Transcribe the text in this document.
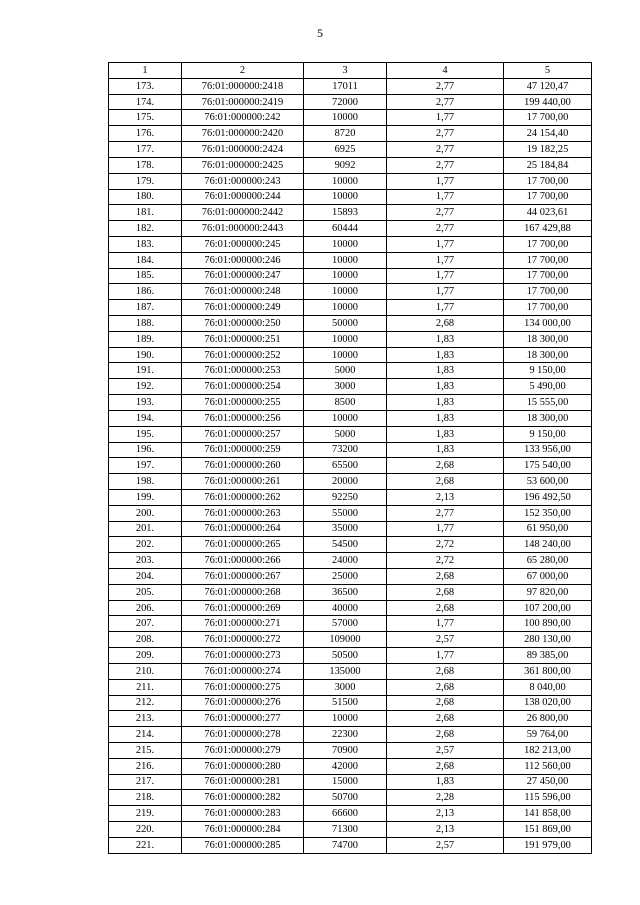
5
1	2	3	4	5
173.	76:01:000000:2418	17011	2,77	47 120,47
174.	76:01:000000:2419	72000	2,77	199 440,00
175.	76:01:000000:242	10000	1,77	17 700,00
176.	76:01:000000:2420	8720	2,77	24 154,40
177.	76:01:000000:2424	6925	2,77	19 182,25
178.	76:01:000000:2425	9092	2,77	25 184,84
179.	76:01:000000:243	10000	1,77	17 700,00
180.	76:01:000000:244	10000	1,77	17 700,00
181.	76:01:000000:2442	15893	2,77	44 023,61
182.	76:01:000000:2443	60444	2,77	167 429,88
183.	76:01:000000:245	10000	1,77	17 700,00
184.	76:01:000000:246	10000	1,77	17 700,00
185.	76:01:000000:247	10000	1,77	17 700,00
186.	76:01:000000:248	10000	1,77	17 700,00
187.	76:01:000000:249	10000	1,77	17 700,00
188.	76:01:000000:250	50000	2,68	134 000,00
189.	76:01:000000:251	10000	1,83	18 300,00
190.	76:01:000000:252	10000	1,83	18 300,00
191.	76:01:000000:253	5000	1,83	9 150,00
192.	76:01:000000:254	3000	1,83	5 490,00
193.	76:01:000000:255	8500	1,83	15 555,00
194.	76:01:000000:256	10000	1,83	18 300,00
195.	76:01:000000:257	5000	1,83	9 150,00
196.	76:01:000000:259	73200	1,83	133 956,00
197.	76:01:000000:260	65500	2,68	175 540,00
198.	76:01:000000:261	20000	2,68	53 600,00
199.	76:01:000000:262	92250	2,13	196 492,50
200.	76:01:000000:263	55000	2,77	152 350,00
201.	76:01:000000:264	35000	1,77	61 950,00
202.	76:01:000000:265	54500	2,72	148 240,00
203.	76:01:000000:266	24000	2,72	65 280,00
204.	76:01:000000:267	25000	2,68	67 000,00
205.	76:01:000000:268	36500	2,68	97 820,00
206.	76:01:000000:269	40000	2,68	107 200,00
207.	76:01:000000:271	57000	1,77	100 890,00
208.	76:01:000000:272	109000	2,57	280 130,00
209.	76:01:000000:273	50500	1,77	89 385,00
210.	76:01:000000:274	135000	2,68	361 800,00
211.	76:01:000000:275	3000	2,68	8 040,00
212.	76:01:000000:276	51500	2,68	138 020,00
213.	76:01:000000:277	10000	2,68	26 800,00
214.	76:01:000000:278	22300	2,68	59 764,00
215.	76:01:000000:279	70900	2,57	182 213,00
216.	76:01:000000:280	42000	2,68	112 560,00
217.	76:01:000000:281	15000	1,83	27 450,00
218.	76:01:000000:282	50700	2,28	115 596,00
219.	76:01:000000:283	66600	2,13	141 858,00
220.	76:01:000000:284	71300	2,13	151 869,00
221.	76:01:000000:285	74700	2,57	191 979,00
